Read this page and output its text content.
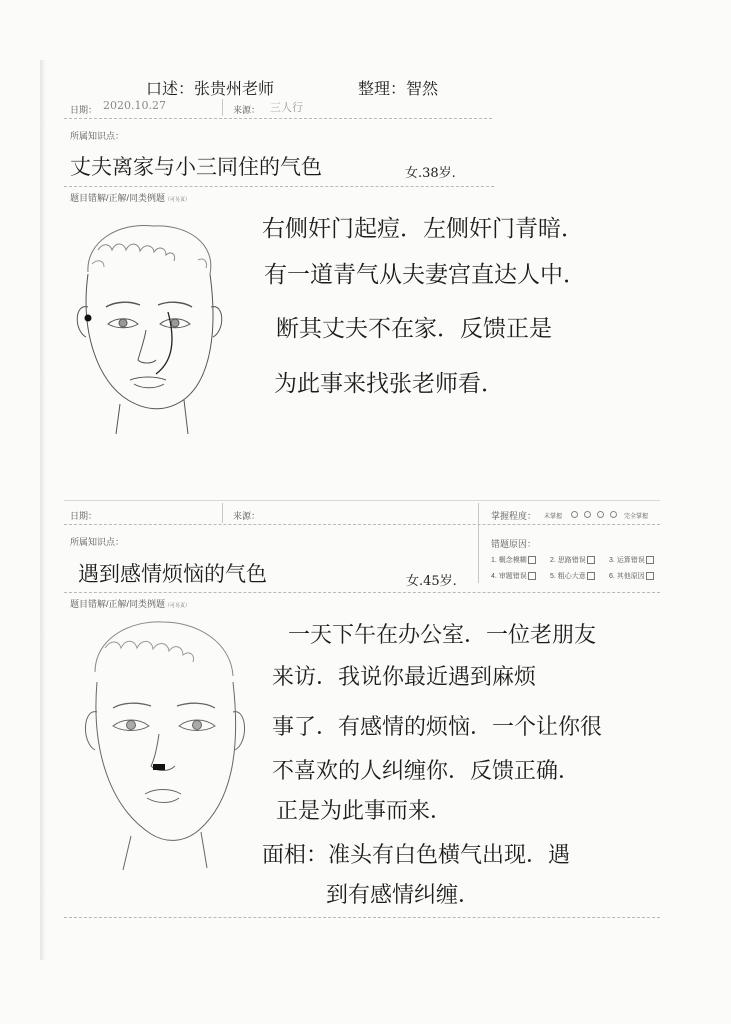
口述：张贵州老师	整理：智然
日期： 2020.10.27	来源： 三人行
所属知识点：
丈夫离家与小三同住的气色	女.38岁.
题目错解/正解/同类例题（可另页）
右侧奸门起痘．左侧奸门青暗．
有一道青气从夫妻宫直达人中．
断其丈夫不在家．反馈正是
为此事来找张老师看．
日期：	来源：	掌握程度： 未掌握	完全掌握
所属知识点：
遇到感情烦恼的气色	女.45岁.
错题原因：
1. 概念模糊	2. 思路错误	3. 运算错误
4. 审题错误	5. 粗心大意	6. 其他原因
题目错解/正解/同类例题（可另页）
一天下午在办公室．一位老朋友
来访．我说你最近遇到麻烦
事了．有感情的烦恼．一个让你很
不喜欢的人纠缠你．反馈正确．
正是为此事而来．
面相：准头有白色横气出现．遇
到有感情纠缠．
